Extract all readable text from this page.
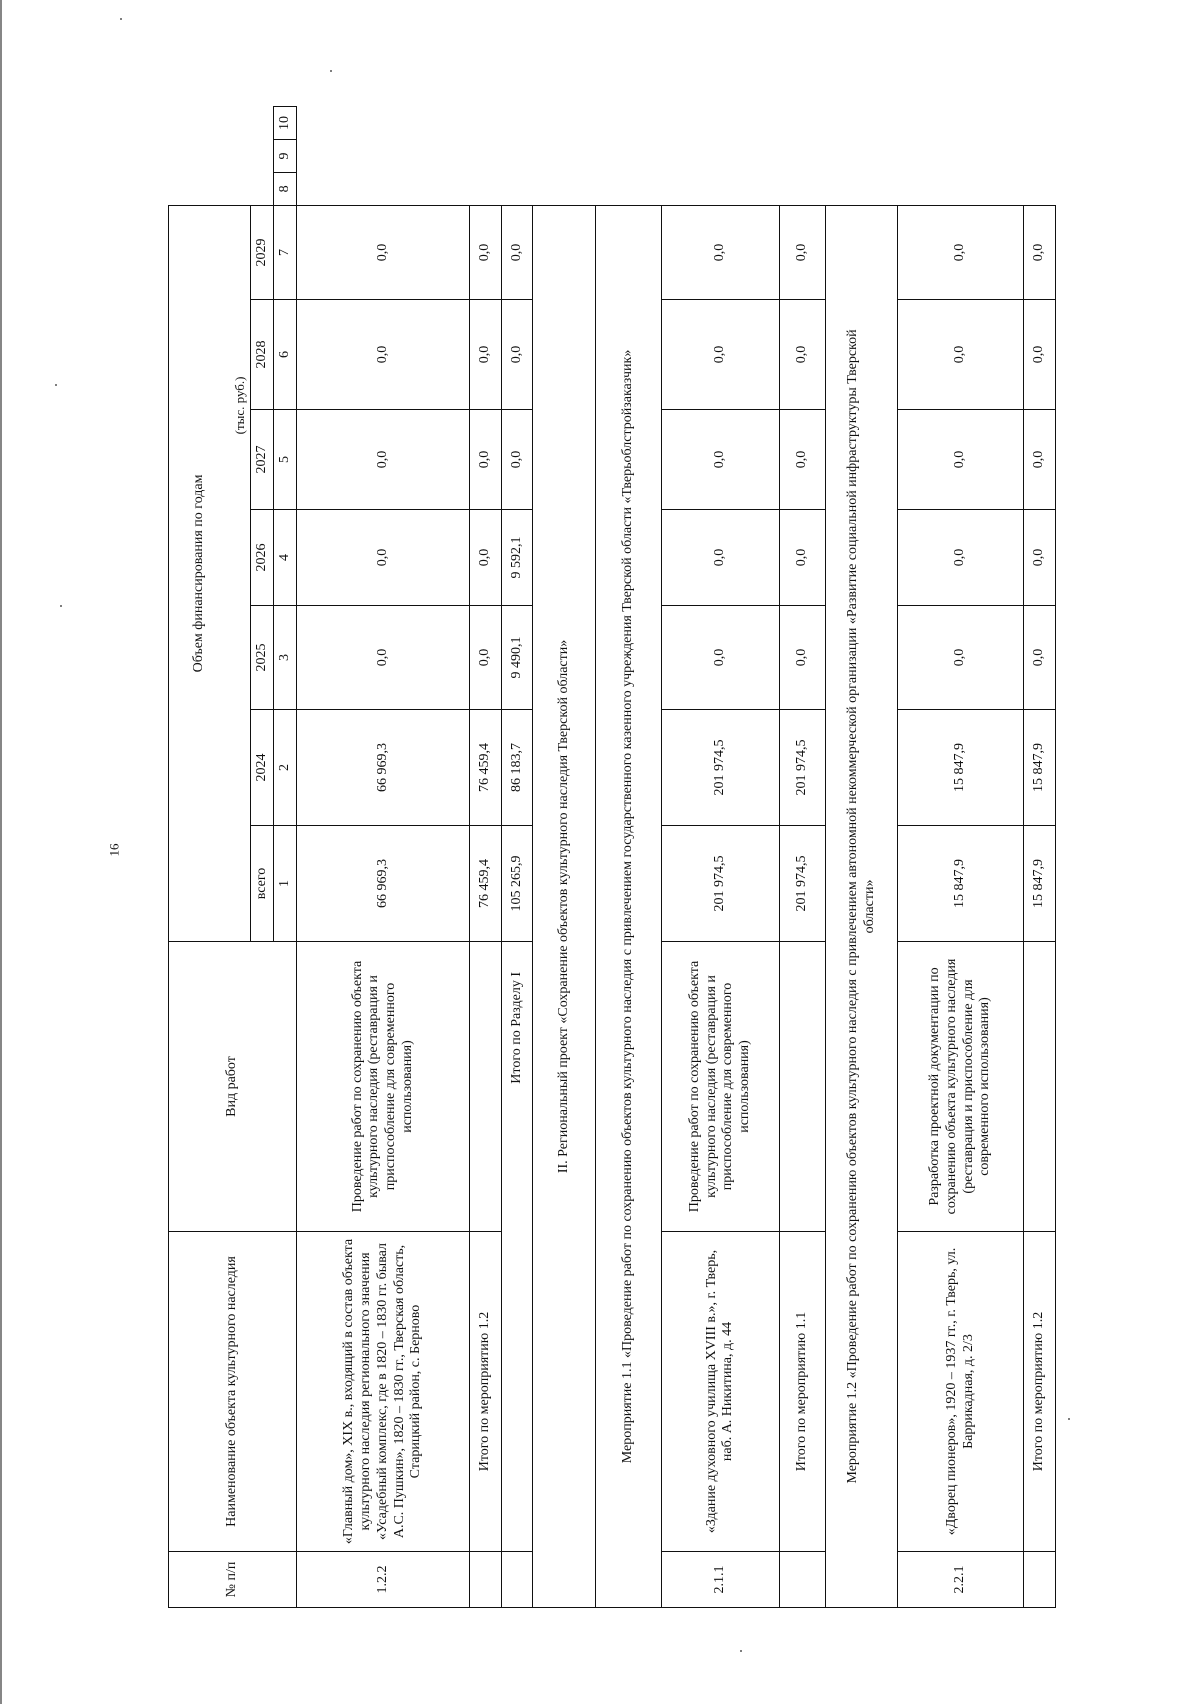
16
№ п/п	Наименование объекта культурного наследия	Вид работ	Объем финансирования по годам									
			(тыс. руб.)									
			всего	2024	2025	2026	2027	2028	2029			
			1	2	3	4	5	6	7	8	9	10
1.2.2	«Главный дом», XIX в., входящий в состав объекта культурного наследия регионального значения «Усадебный комплекс, где в 1820 – 1830 гг. бывал А.С. Пушкин», 1820 – 1830 гг., Тверская область, Старицкий район, с. Берново	Проведение работ по сохранению объекта культурного наследия (реставрация и приспособление для современного использования)	66 969,3	66 969,3	0,0	0,0	0,0	0,0	0,0			
	Итого по мероприятию 1.2		76 459,4	76 459,4	0,0	0,0	0,0	0,0	0,0			
	Итого по Разделу I		105 265,9	86 183,7	9 490,1	9 592,1	0,0	0,0	0,0			
II. Региональный проект «Сохранение объектов культурного наследия Тверской области»												
Мероприятие 1.1 «Проведение работ по сохранению объектов культурного наследия с привлечением государственного казенного учреждения Тверской области «Тверьоблстройзаказчик»												
2.1.1	«Здание духовного училища XVIII в.», г. Тверь, наб. А. Никитина, д. 44	Проведение работ по сохранению объекта культурного наследия (реставрация и приспособление для современного использования)	201 974,5	201 974,5	0,0	0,0	0,0	0,0	0,0			
	Итого по мероприятию 1.1		201 974,5	201 974,5	0,0	0,0	0,0	0,0	0,0			
Мероприятие 1.2 «Проведение работ по сохранению объектов культурного наследия с привлечением автономной некоммерческой организации «Развитие социальной инфраструктуры Тверской области»												
2.2.1	«Дворец пионеров», 1920 – 1937 гг., г. Тверь, ул. Баррикадная, д. 2/3	Разработка проектной документации по сохранению объекта культурного наследия (реставрация и приспособление для современного использования)	15 847,9	15 847,9	0,0	0,0	0,0	0,0	0,0			
	Итого по мероприятию 1.2		15 847,9	15 847,9	0,0	0,0	0,0	0,0	0,0			
